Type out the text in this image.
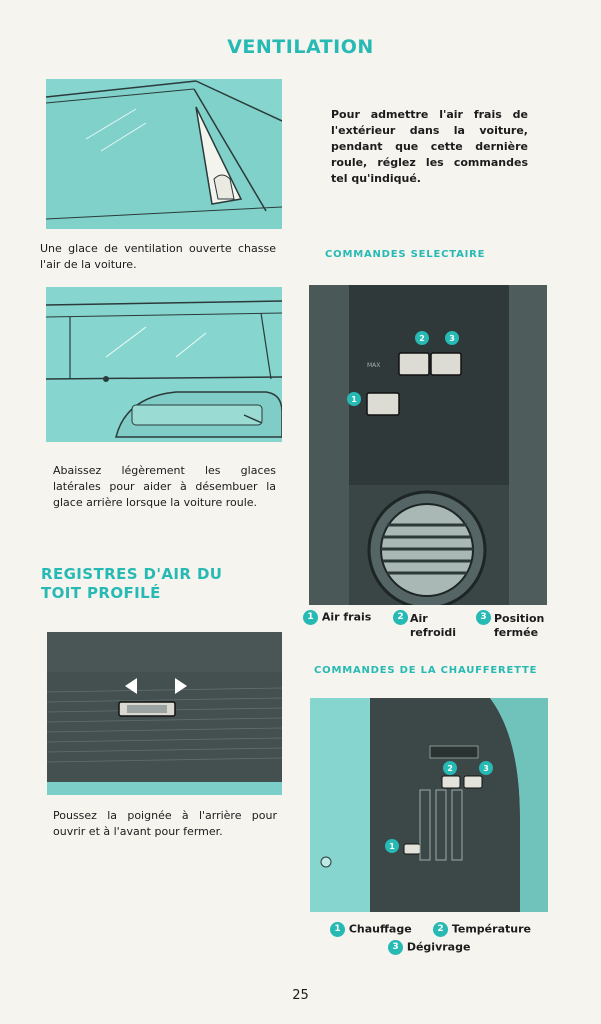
VENTILATION
Une glace de ventilation ouverte chasse l'air de la voiture.
Abaissez légèrement les glaces latérales pour aider à désembuer la glace arrière lorsque la voiture roule.
REGISTRES D'AIR DU TOIT PROFILÉ
Poussez la poignée à l'arrière pour ouvrir et à l'avant pour fermer.
Pour admettre l'air frais de l'extérieur dans la voiture, pendant que cette dernière roule, réglez les commandes tel qu'indiqué.
COMMANDES SELECTAIRE
MAX
2	3
1
1 Air frais	2 Air refroidi
3 Position fermée
COMMANDES DE LA CHAUFFERETTE
2	3
1
1 Chauffage	2 Température
3 Dégivrage
25
